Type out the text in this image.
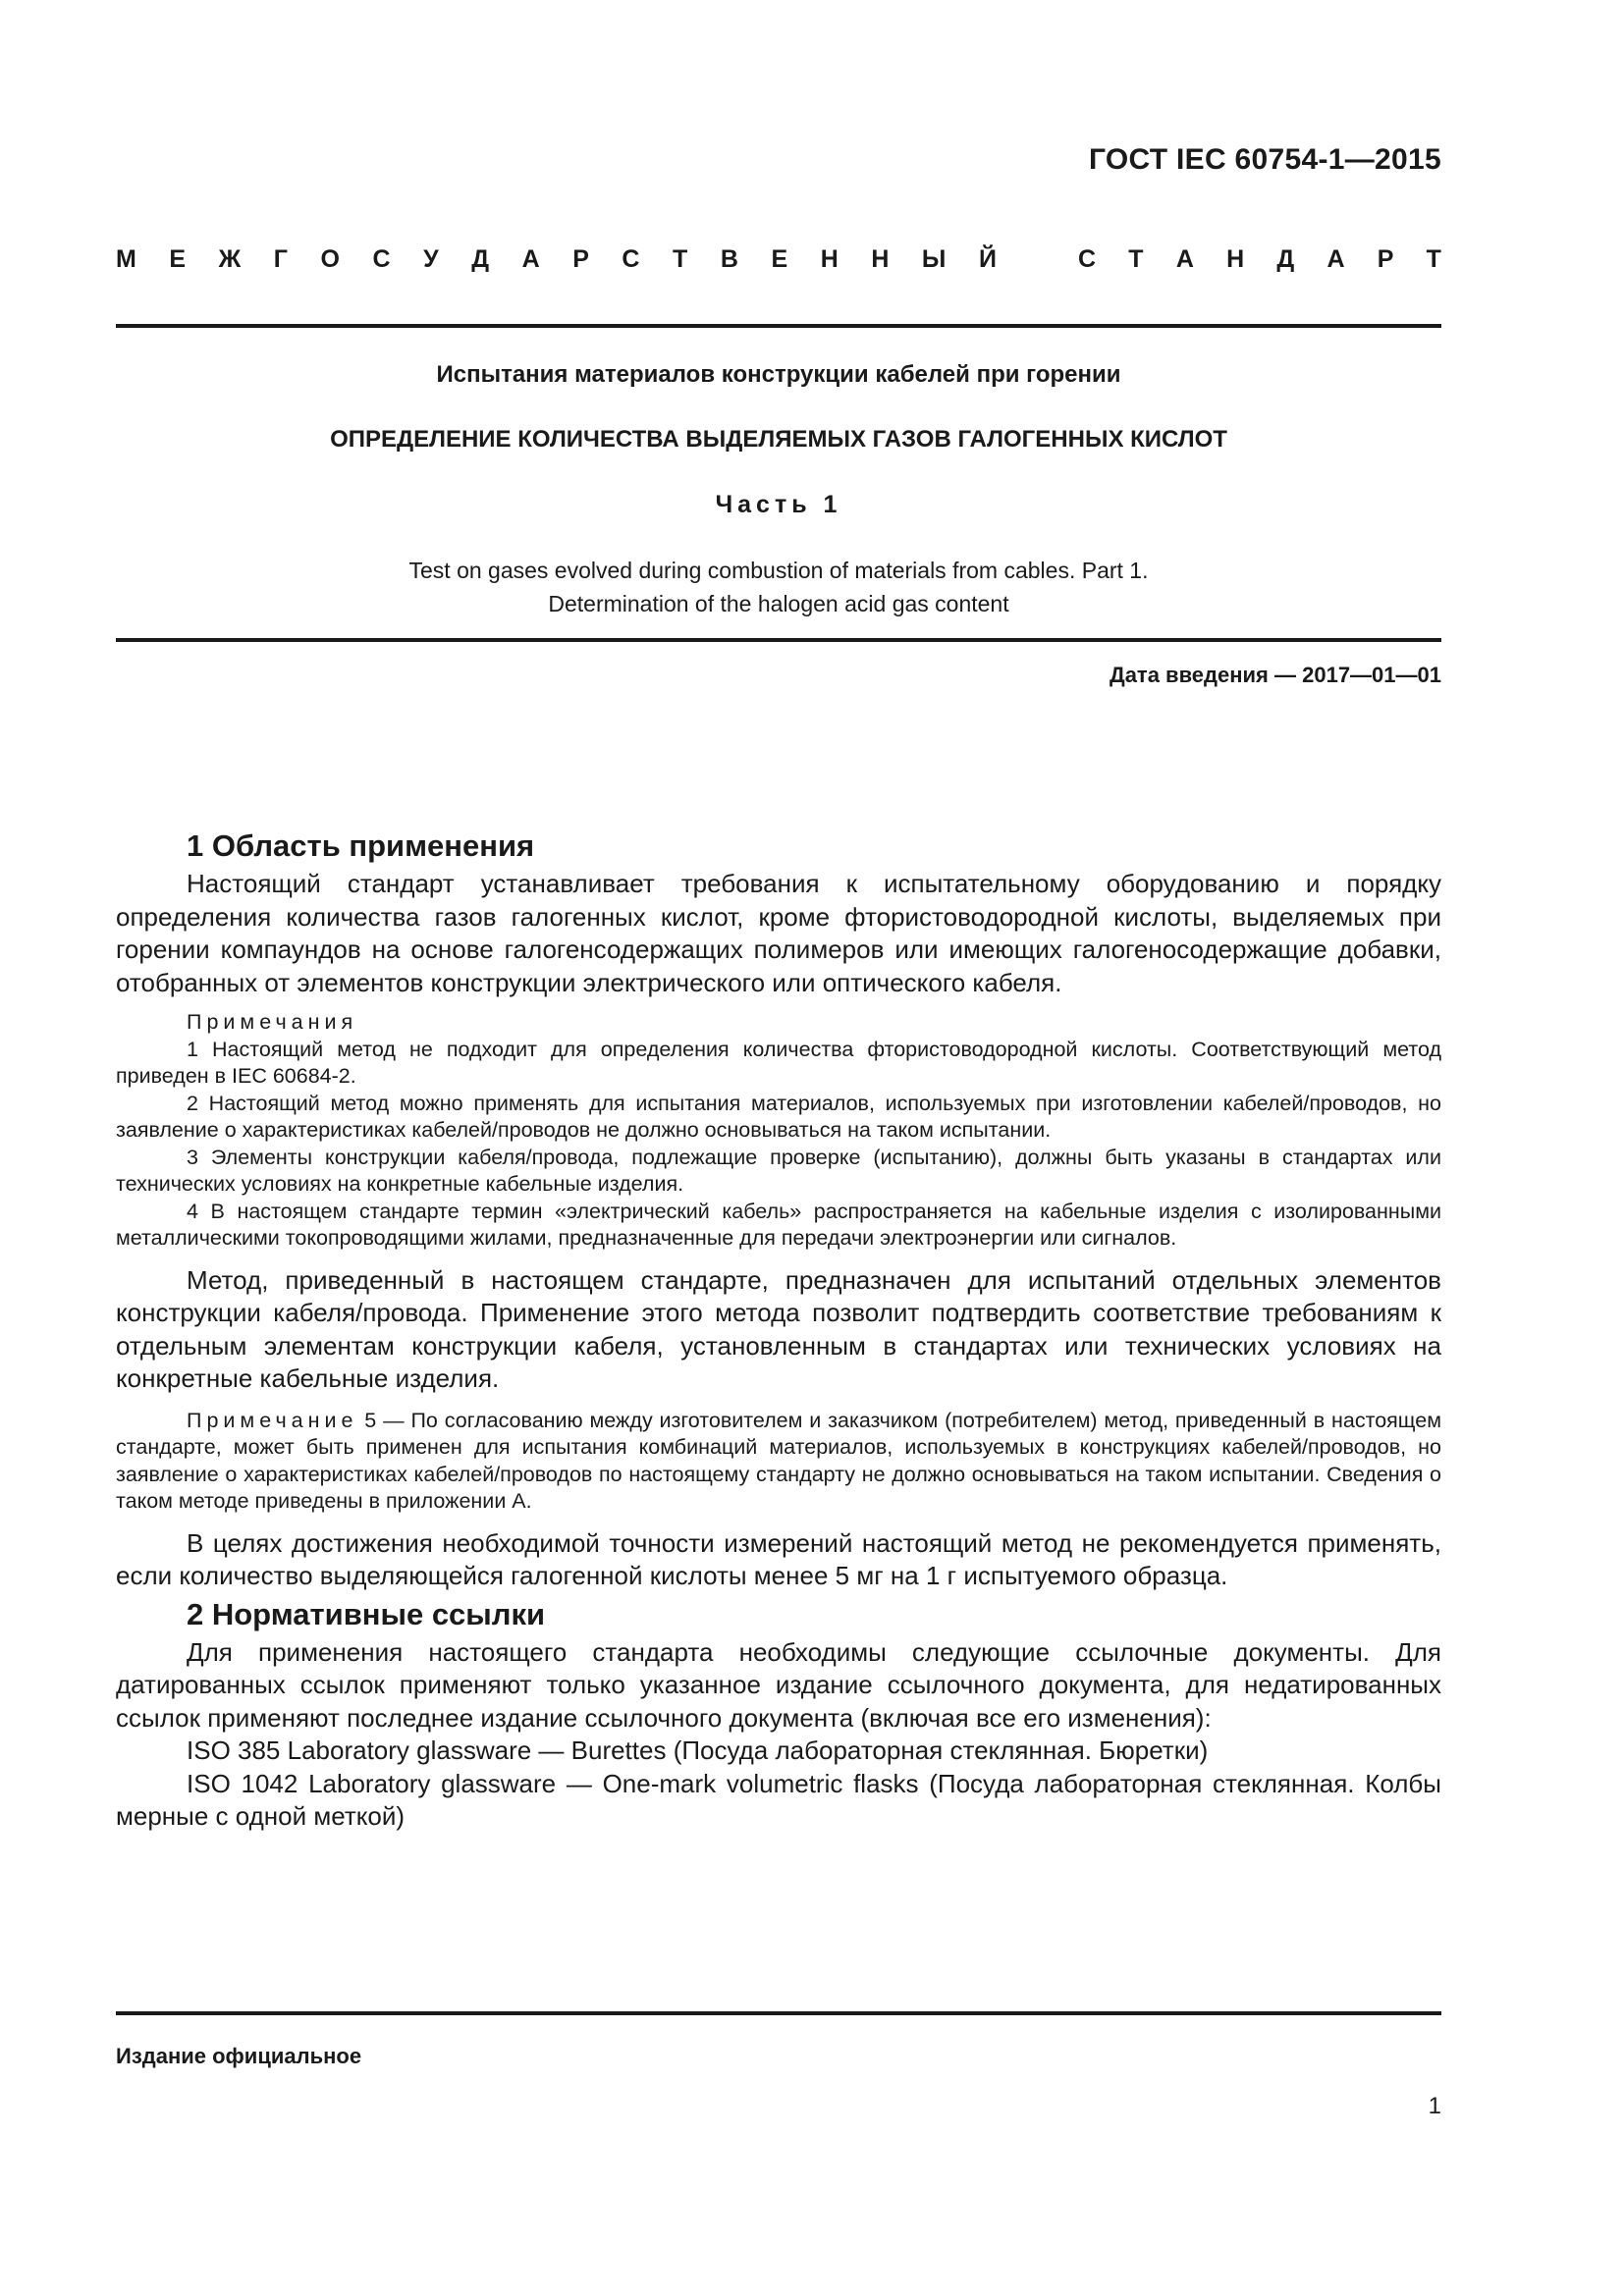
ГОСТ IEC 60754-1—2015
М Е Ж Г О С У Д А Р С Т В Е Н Н Ы Й	С Т А Н Д А Р Т
Испытания материалов конструкции кабелей при горении
ОПРЕДЕЛЕНИЕ КОЛИЧЕСТВА ВЫДЕЛЯЕМЫХ ГАЗОВ ГАЛОГЕННЫХ КИСЛОТ
Часть 1
Test on gases evolved during combustion of materials from cables. Part 1.
Determination of the halogen acid gas content
Дата введения — 2017—01—01
1 Область применения

Настоящий стандарт устанавливает требования к испытательному оборудованию и порядку определения количества газов галогенных кислот, кроме фтористоводородной кислоты, выделяемых при горении компаундов на основе галогенсодержащих полимеров или имеющих галогеносодержащие добавки, отобранных от элементов конструкции электрического или оптического кабеля.

Примечания

1 Настоящий метод не подходит для определения количества фтористоводородной кислоты. Соответствующий метод приведен в IEC 60684-2.

2 Настоящий метод можно применять для испытания материалов, используемых при изготовлении кабелей/проводов, но заявление о характеристиках кабелей/проводов не должно основываться на таком испытании.

3 Элементы конструкции кабеля/провода, подлежащие проверке (испытанию), должны быть указаны в стандартах или технических условиях на конкретные кабельные изделия.

4 В настоящем стандарте термин «электрический кабель» распространяется на кабельные изделия с изолированными металлическими токопроводящими жилами, предназначенные для передачи электроэнергии или сигналов.

Метод, приведенный в настоящем стандарте, предназначен для испытаний отдельных элементов конструкции кабеля/провода. Применение этого метода позволит подтвердить соответствие требованиям к отдельным элементам конструкции кабеля, установленным в стандартах или технических условиях на конкретные кабельные изделия.

Примечание 5 — По согласованию между изготовителем и заказчиком (потребителем) метод, приведенный в настоящем стандарте, может быть применен для испытания комбинаций материалов, используемых в конструкциях кабелей/проводов, но заявление о характеристиках кабелей/проводов по настоящему стандарту не должно основываться на таком испытании. Сведения о таком методе приведены в приложении А.

В целях достижения необходимой точности измерений настоящий метод не рекомендуется применять, если количество выделяющейся галогенной кислоты менее 5 мг на 1 г испытуемого образца.

2 Нормативные ссылки

Для применения настоящего стандарта необходимы следующие ссылочные документы. Для датированных ссылок применяют только указанное издание ссылочного документа, для недатированных ссылок применяют последнее издание ссылочного документа (включая все его изменения):

ISO 385 Laboratory glassware — Burettes (Посуда лабораторная стеклянная. Бюретки)

ISO 1042 Laboratory glassware — One-mark volumetric flasks (Посуда лабораторная стеклянная. Колбы мерные с одной меткой)

Издание официальное
1
